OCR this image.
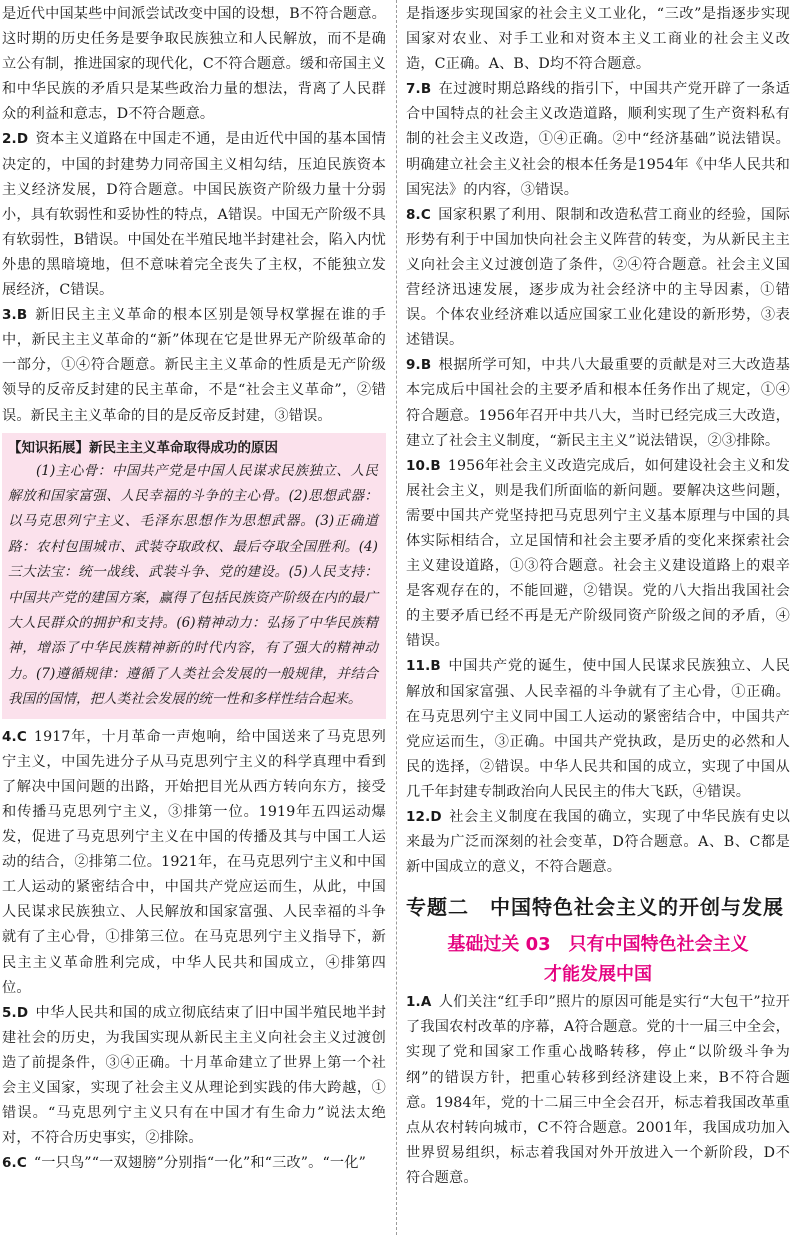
是近代中国某些中间派尝试改变中国的设想，B不符合题意。这时期的历史任务是要争取民族独立和人民解放，而不是确立公有制，推进国家的现代化，C不符合题意。缓和帝国主义和中华民族的矛盾只是某些政治力量的想法，背离了人民群众的利益和意志，D不符合题意。

2.D 资本主义道路在中国走不通，是由近代中国的基本国情决定的，中国的封建势力同帝国主义相勾结，压迫民族资本主义经济发展，D符合题意。中国民族资产阶级力量十分弱小，具有软弱性和妥协性的特点，A错误。中国无产阶级不具有软弱性，B错误。中国处在半殖民地半封建社会，陷入内忧外患的黑暗境地，但不意味着完全丧失了主权，不能独立发展经济，C错误。

3.B 新旧民主主义革命的根本区别是领导权掌握在谁的手中，新民主主义革命的“新”体现在它是世界无产阶级革命的一部分，①④符合题意。新民主主义革命的性质是无产阶级领导的反帝反封建的民主革命，不是“社会主义革命”，②错误。新民主主义革命的目的是反帝反封建，③错误。

【知识拓展】新民主主义革命取得成功的原因
(1)主心骨：中国共产党是中国人民谋求民族独立、人民解放和国家富强、人民幸福的斗争的主心骨。(2)思想武器：以马克思列宁主义、毛泽东思想作为思想武器。(3)正确道路：农村包围城市、武装夺取政权、最后夺取全国胜利。(4)三大法宝：统一战线、武装斗争、党的建设。(5)人民支持：中国共产党的建国方案，赢得了包括民族资产阶级在内的最广大人民群众的拥护和支持。(6)精神动力：弘扬了中华民族精神，增添了中华民族精神新的时代内容，有了强大的精神动力。(7)遵循规律：遵循了人类社会发展的一般规律，并结合我国的国情，把人类社会发展的统一性和多样性结合起来。

4.C 1917年，十月革命一声炮响，给中国送来了马克思列宁主义，中国先进分子从马克思列宁主义的科学真理中看到了解决中国问题的出路，开始把目光从西方转向东方，接受和传播马克思列宁主义，③排第一位。1919年五四运动爆发，促进了马克思列宁主义在中国的传播及其与中国工人运动的结合，②排第二位。1921年，在马克思列宁主义和中国工人运动的紧密结合中，中国共产党应运而生，从此，中国人民谋求民族独立、人民解放和国家富强、人民幸福的斗争就有了主心骨，①排第三位。在马克思列宁主义指导下，新民主主义革命胜利完成，中华人民共和国成立，④排第四位。

5.D 中华人民共和国的成立彻底结束了旧中国半殖民地半封建社会的历史，为我国实现从新民主主义向社会主义过渡创造了前提条件，③④正确。十月革命建立了世界上第一个社会主义国家，实现了社会主义从理论到实践的伟大跨越，①错误。“马克思列宁主义只有在中国才有生命力”说法太绝对，不符合历史事实，②排除。

6.C “一只鸟”“一双翅膀”分别指“一化”和“三改”。“一化”

是指逐步实现国家的社会主义工业化，“三改”是指逐步实现国家对农业、对手工业和对资本主义工商业的社会主义改造，C正确。A、B、D均不符合题意。

7.B 在过渡时期总路线的指引下，中国共产党开辟了一条适合中国特点的社会主义改造道路，顺利实现了生产资料私有制的社会主义改造，①④正确。②中“经济基础”说法错误。明确建立社会主义社会的根本任务是1954年《中华人民共和国宪法》的内容，③错误。

8.C 国家积累了利用、限制和改造私营工商业的经验，国际形势有利于中国加快向社会主义阵营的转变，为从新民主主义向社会主义过渡创造了条件，②④符合题意。社会主义国营经济迅速发展，逐步成为社会经济中的主导因素，①错误。个体农业经济难以适应国家工业化建设的新形势，③表述错误。

9.B 根据所学可知，中共八大最重要的贡献是对三大改造基本完成后中国社会的主要矛盾和根本任务作出了规定，①④符合题意。1956年召开中共八大，当时已经完成三大改造，建立了社会主义制度，“新民主主义”说法错误，②③排除。

10.B 1956年社会主义改造完成后，如何建设社会主义和发展社会主义，则是我们所面临的新问题。要解决这些问题，需要中国共产党坚持把马克思列宁主义基本原理与中国的具体实际相结合，立足国情和社会主要矛盾的变化来探索社会主义建设道路，①③符合题意。社会主义建设道路上的艰辛是客观存在的，不能回避，②错误。党的八大指出我国社会的主要矛盾已经不再是无产阶级同资产阶级之间的矛盾，④错误。

11.B 中国共产党的诞生，使中国人民谋求民族独立、人民解放和国家富强、人民幸福的斗争就有了主心骨，①正确。在马克思列宁主义同中国工人运动的紧密结合中，中国共产党应运而生，③正确。中国共产党执政，是历史的必然和人民的选择，②错误。中华人民共和国的成立，实现了中国从几千年封建专制政治向人民民主的伟大飞跃，④错误。

12.D 社会主义制度在我国的确立，实现了中华民族有史以来最为广泛而深刻的社会变革，D符合题意。A、B、C都是新中国成立的意义，不符合题意。

专题二　中国特色社会主义的开创与发展
基础过关 03　只有中国特色社会主义
才能发展中国

1.A 人们关注“红手印”照片的原因可能是实行“大包干”拉开了我国农村改革的序幕，A符合题意。党的十一届三中全会，实现了党和国家工作重心战略转移，停止“以阶级斗争为纲”的错误方针，把重心转移到经济建设上来，B不符合题意。1984年，党的十二届三中全会召开，标志着我国改革重点从农村转向城市，C不符合题意。2001年，我国成功加入世界贸易组织，标志着我国对外开放进入一个新阶段，D不符合题意。
